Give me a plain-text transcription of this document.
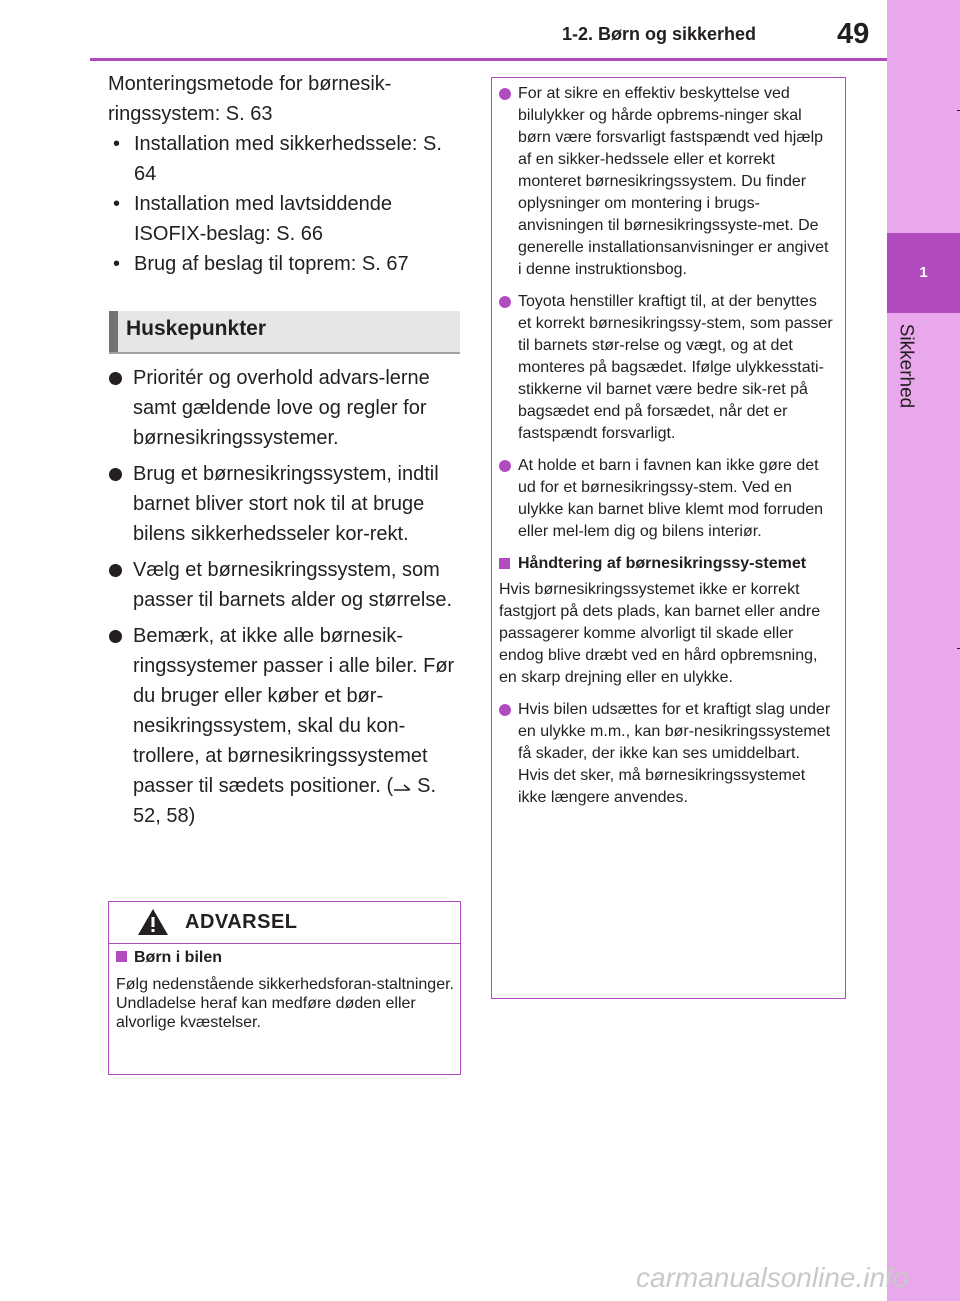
1
Sikkerhed
1-2. Børn og sikkerhed	49

Monteringsmetode for børnesik-ringssystem: S. 63

• Installation med sikkerhedssele: S. 64
• Installation med lavtsiddende ISOFIX-beslag: S. 66
• Brug af beslag til toprem: S. 67
Huskepunkter
Prioritér og overhold advars-lerne samt gældende love og regler for børnesikringssystemer.
Brug et børnesikringssystem, indtil barnet bliver stort nok til at bruge bilens sikkerhedsseler kor-rekt.
Vælg et børnesikringssystem, som passer til barnets alder og størrelse.
Bemærk, at ikke alle børnesik-ringssystemer passer i alle biler. Før du bruger eller køber et bør-nesikringssystem, skal du kon-trollere, at børnesikringssystemet passer til sædets positioner. ( S. 52, 58)
ADVARSEL

Børn i bilen

Følg nedenstående sikkerhedsforan-staltninger.
Undladelse heraf kan medføre døden eller alvorlige kvæstelser.

For at sikre en effektiv beskyttelse ved bilulykker og hårde opbrems-ninger skal børn være forsvarligt fastspændt ved hjælp af en sikker-hedssele eller et korrekt monteret børnesikringssystem. Du finder oplysninger om montering i brugs-anvisningen til børnesikringssyste-met. De generelle installationsanvisninger er angivet i denne instruktionsbog.
Toyota henstiller kraftigt til, at der benyttes et korrekt børnesikringssy-stem, som passer til barnets stør-relse og vægt, og at det monteres på bagsædet. Ifølge ulykkesstati-stikkerne vil barnet være bedre sik-ret på bagsædet end på forsædet, når det er fastspændt forsvarligt.
At holde et barn i favnen kan ikke gøre det ud for et børnesikringssy-stem. Ved en ulykke kan barnet blive klemt mod forruden eller mel-lem dig og bilens interiør.
Håndtering af børnesikringssy-stemet

Hvis børnesikringssystemet ikke er korrekt fastgjort på dets plads, kan barnet eller andre passagerer komme alvorligt til skade eller endog blive dræbt ved en hård opbremsning, en skarp drejning eller en ulykke.

Hvis bilen udsættes for et kraftigt slag under en ulykke m.m., kan bør-nesikringssystemet få skader, der ikke kan ses umiddelbart. Hvis det sker, må børnesikringssystemet ikke længere anvendes.
carmanualsonline.info
